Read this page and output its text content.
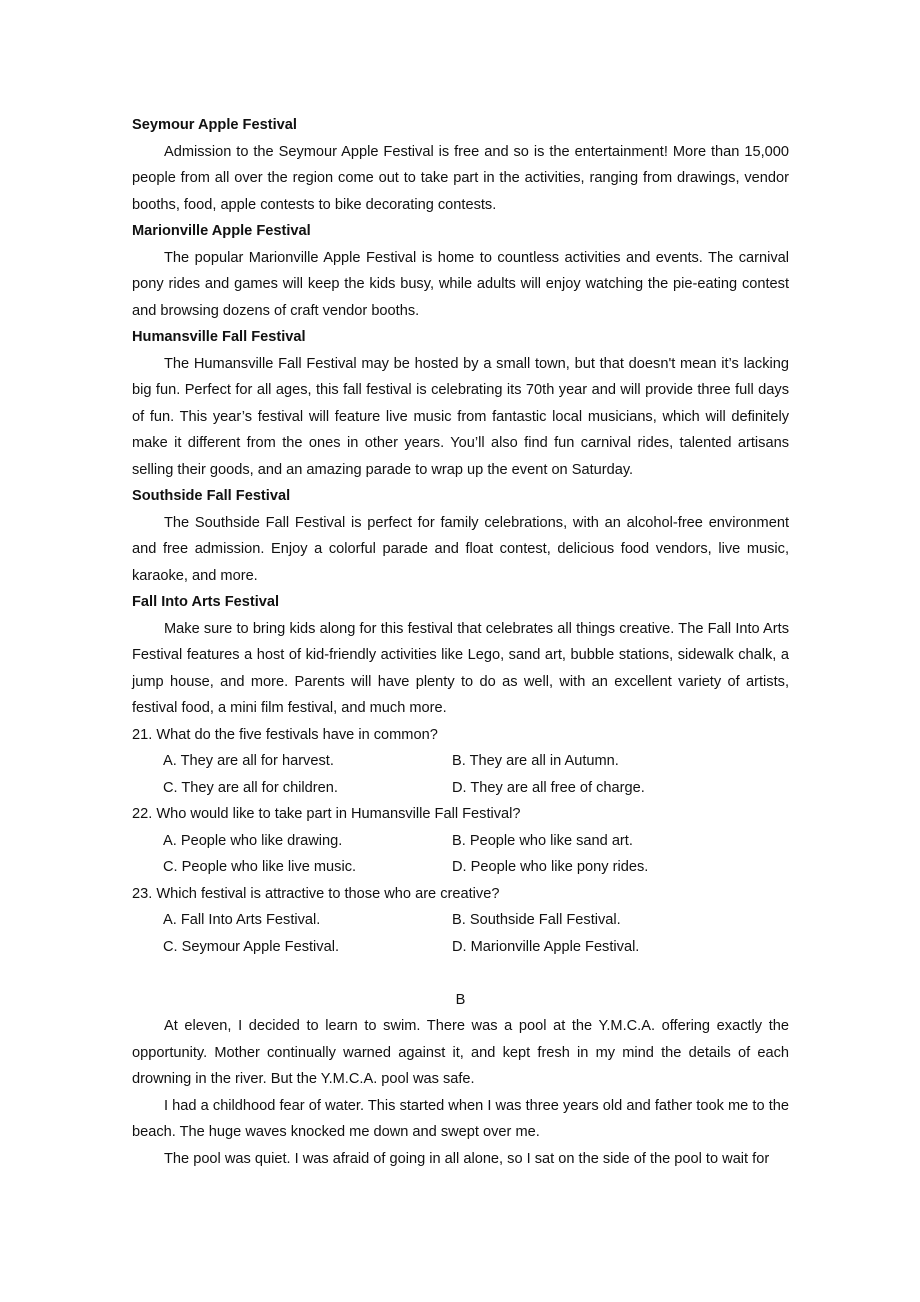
Seymour Apple Festival

Admission to the Seymour Apple Festival is free and so is the entertainment! More than 15,000 people from all over the region come out to take part in the activities, ranging from drawings, vendor booths, food, apple contests to bike decorating contests.

Marionville Apple Festival

The popular Marionville Apple Festival is home to countless activities and events. The carnival pony rides and games will keep the kids busy, while adults will enjoy watching the pie-eating contest and browsing dozens of craft vendor booths.

Humansville Fall Festival

The Humansville Fall Festival may be hosted by a small town, but that doesn't mean it’s lacking big fun. Perfect for all ages, this fall festival is celebrating its 70th year and will provide three full days of fun. This year’s festival will feature live music from fantastic local musicians, which will definitely make it different from the ones in other years. You’ll also find fun carnival rides, talented artisans selling their goods, and an amazing parade to wrap up the event on Saturday.

Southside Fall Festival

The Southside Fall Festival is perfect for family celebrations, with an alcohol-free environment and free admission. Enjoy a colorful parade and float contest, delicious food vendors, live music, karaoke, and more.

Fall Into Arts Festival

Make sure to bring kids along for this festival that celebrates all things creative. The Fall Into Arts Festival features a host of kid-friendly activities like Lego, sand art, bubble stations, sidewalk chalk, a jump house, and more. Parents will have plenty to do as well, with an excellent variety of artists, festival food, a mini film festival, and much more.

21. What do the five festivals have in common?

A. They are all for harvest.	B. They are all in Autumn.
C. They are all for children.	D. They are all free of charge.

22. Who would like to take part in Humansville Fall Festival?

A. People who like drawing.	B. People who like sand art.
C. People who like live music.	D. People who like pony rides.

23. Which festival is attractive to those who are creative?

A. Fall Into Arts Festival.	B. Southside Fall Festival.
C. Seymour Apple Festival.	D. Marionville Apple Festival.

B

At eleven, I decided to learn to swim. There was a pool at the Y.M.C.A. offering exactly the opportunity. Mother continually warned against it, and kept fresh in my mind the details of each drowning in the river. But the Y.M.C.A. pool was safe.

I had a childhood fear of water. This started when I was three years old and father took me to the beach. The huge waves knocked me down and swept over me.

The pool was quiet. I was afraid of going in all alone, so I sat on the side of the pool to wait for
